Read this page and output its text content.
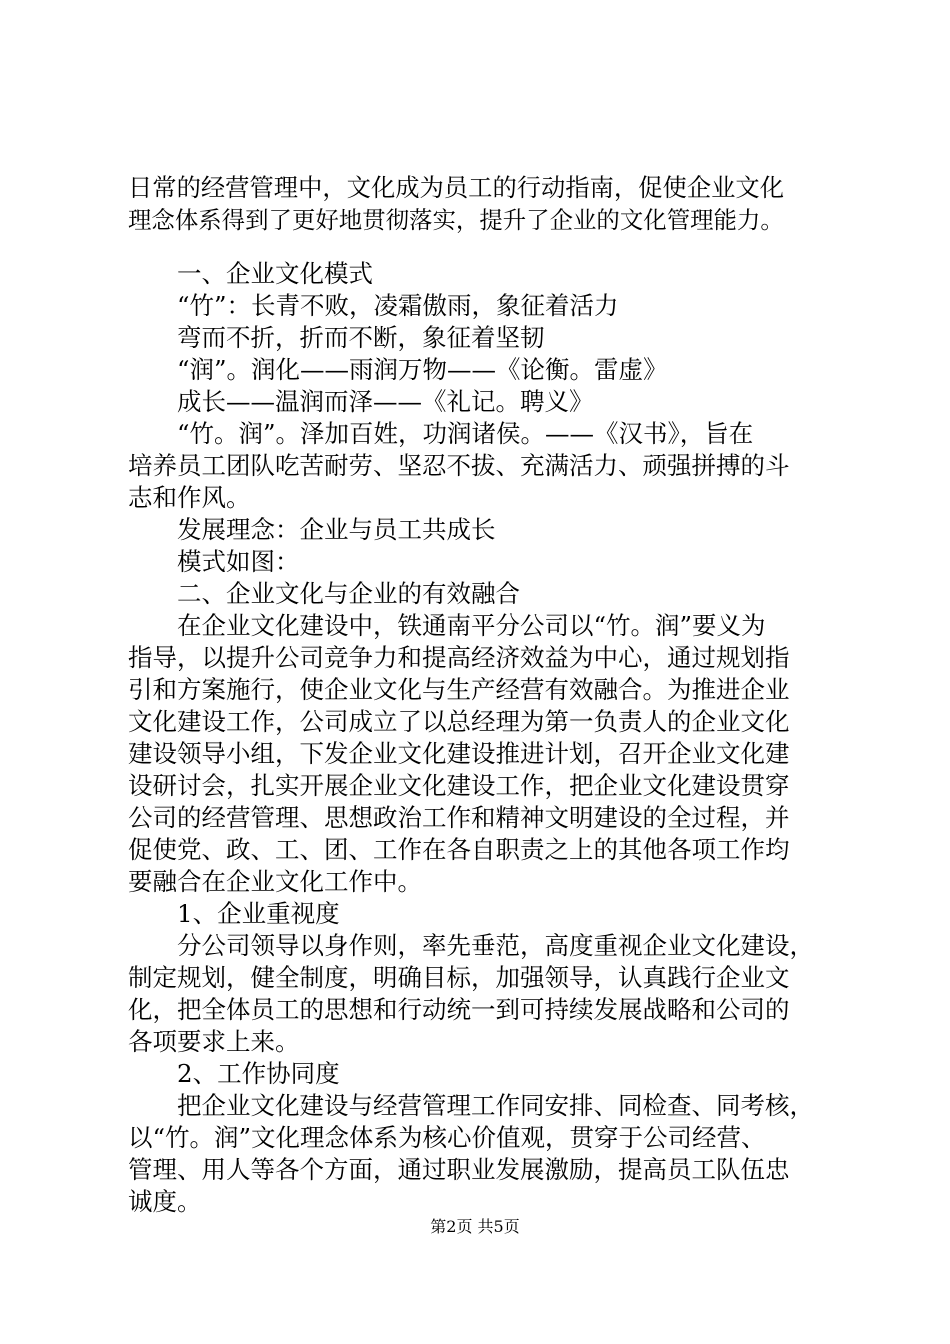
日常的经营管理中，文化成为员工的行动指南，促使企业文化
理念体系得到了更好地贯彻落实，提升了企业的文化管理能力。
一、企业文化模式
“竹”：长青不败，凌霜傲雨，象征着活力
弯而不折，折而不断，象征着坚韧
“润”。润化——雨润万物——《论衡。雷虚》
成长——温润而泽——《礼记。聘义》
“竹。润”。泽加百姓，功润诸侯。——《汉书》，旨在
培养员工团队吃苦耐劳、坚忍不拔、充满活力、顽强拼搏的斗
志和作风。
发展理念：企业与员工共成长
模式如图：
二、企业文化与企业的有效融合
在企业文化建设中，铁通南平分公司以“竹。润”要义为
指导，以提升公司竞争力和提高经济效益为中心，通过规划指
引和方案施行，使企业文化与生产经营有效融合。为推进企业
文化建设工作，公司成立了以总经理为第一负责人的企业文化
建设领导小组，下发企业文化建设推进计划，召开企业文化建
设研讨会，扎实开展企业文化建设工作，把企业文化建设贯穿
公司的经营管理、思想政治工作和精神文明建设的全过程，并
促使党、政、工、团、工作在各自职责之上的其他各项工作均
要融合在企业文化工作中。
1、企业重视度
分公司领导以身作则，率先垂范，高度重视企业文化建设，
制定规划，健全制度，明确目标，加强领导，认真践行企业文
化，把全体员工的思想和行动统一到可持续发展战略和公司的
各项要求上来。
2、工作协同度
把企业文化建设与经营管理工作同安排、同检查、同考核，
以“竹。润”文化理念体系为核心价值观，贯穿于公司经营、
管理、用人等各个方面，通过职业发展激励，提高员工队伍忠
诚度。
第2页 共5页
